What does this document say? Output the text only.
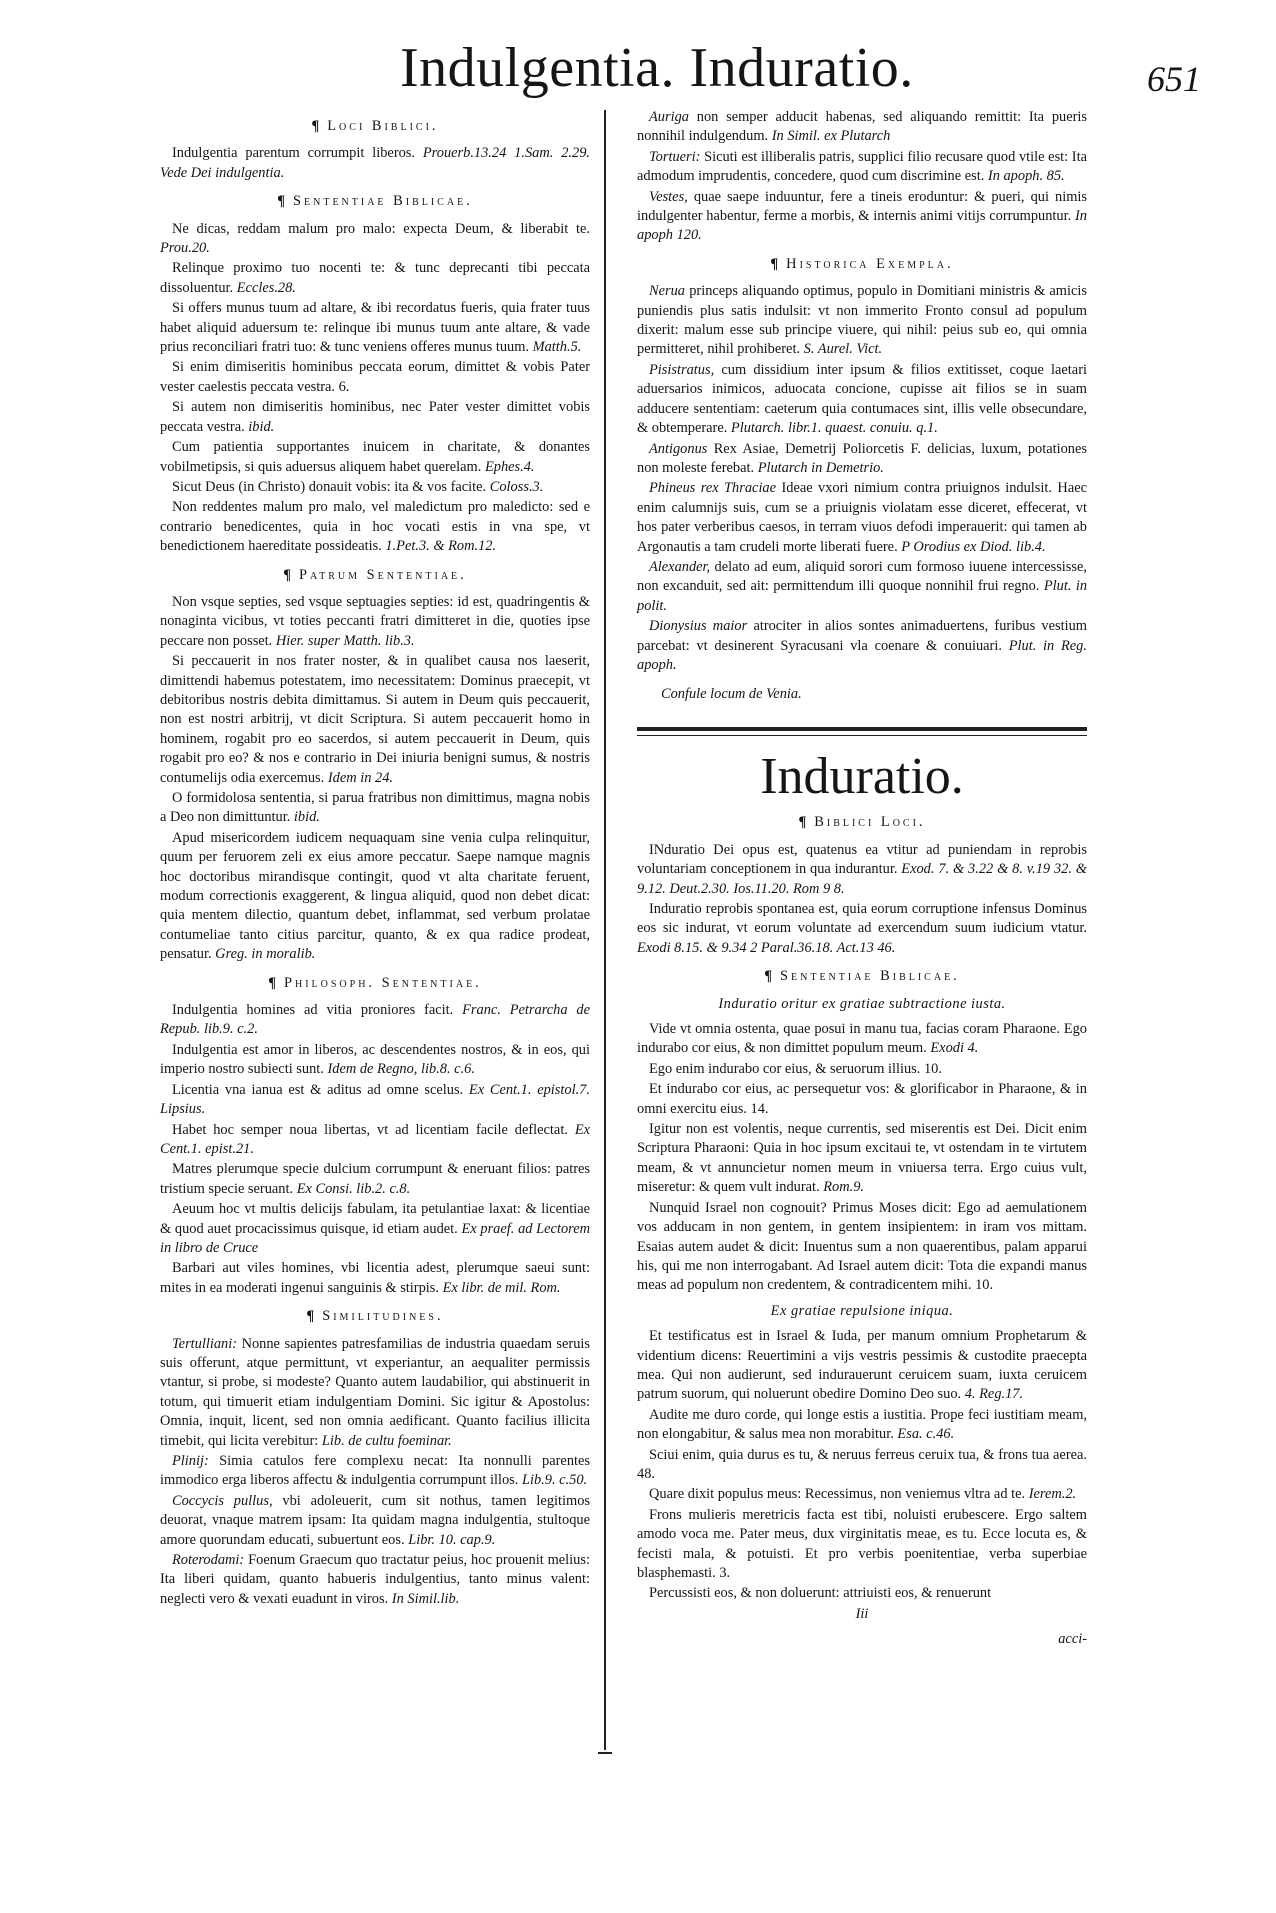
Indulgentia. Induratio.	651
¶ Loci Biblici.

Indulgentia parentum corrumpit liberos. Prouerb.13.24 1.Sam. 2.29. Vede Dei indulgentia.

¶ Sententiae Biblicae.

Ne dicas, reddam malum pro malo: expecta Deum, & liberabit te. Prou.20.

Relinque proximo tuo nocenti te: & tunc deprecanti tibi peccata dissoluentur. Eccles.28.

Si offers munus tuum ad altare, & ibi recordatus fueris, quia frater tuus habet aliquid aduersum te: relinque ibi munus tuum ante altare, & vade prius reconciliari fratri tuo: & tunc veniens offeres munus tuum. Matth.5.

Si enim dimiseritis hominibus peccata eorum, dimittet & vobis Pater vester caelestis peccata vestra. 6.

Si autem non dimiseritis hominibus, nec Pater vester dimittet vobis peccata vestra. ibid.

Cum patientia supportantes inuicem in charitate, & donantes vobilmetipsis, si quis aduersus aliquem habet querelam. Ephes.4.

Sicut Deus (in Christo) donauit vobis: ita & vos facite. Coloss.3.

Non reddentes malum pro malo, vel maledictum pro maledicto: sed e contrario benedicentes, quia in hoc vocati estis in vna spe, vt benedictionem haereditate possideatis. 1.Pet.3. & Rom.12.

¶ Patrum Sententiae.

Non vsque septies, sed vsque septuagies septies: id est, quadringentis & nonaginta vicibus, vt toties peccanti fratri dimitteret in die, quoties ipse peccare non posset. Hier. super Matth. lib.3.

Si peccauerit in nos frater noster, & in qualibet causa nos laeserit, dimittendi habemus potestatem, imo necessitatem: Dominus praecepit, vt debitoribus nostris debita dimittamus. Si autem in Deum quis peccauerit, non est nostri arbitrij, vt dicit Scriptura. Si autem peccauerit homo in hominem, rogabit pro eo sacerdos, si autem peccauerit in Deum, quis rogabit pro eo? & nos e contrario in Dei iniuria benigni sumus, & nostris contumelijs odia exercemus. Idem in 24.

O formidolosa sententia, si parua fratribus non dimittimus, magna nobis a Deo non dimittuntur. ibid.

Apud misericordem iudicem nequaquam sine venia culpa relinquitur, quum per feruorem zeli ex eius amore peccatur. Saepe namque magnis hoc doctoribus mirandisque contingit, quod vt alta charitate feruent, modum correctionis exaggerent, & lingua aliquid, quod non debet dicat: quia mentem dilectio, quantum debet, inflammat, sed verbum prolatae contumeliae tanto citius parcitur, quanto, & ex qua radice prodeat, pensatur. Greg. in moralib.

¶ Philosoph. Sententiae.

Indulgentia homines ad vitia proniores facit. Franc. Petrarcha de Repub. lib.9. c.2.

Indulgentia est amor in liberos, ac descendentes nostros, & in eos, qui imperio nostro subiecti sunt. Idem de Regno, lib.8. c.6.

Licentia vna ianua est & aditus ad omne scelus. Ex Cent.1. epistol.7. Lipsius.

Habet hoc semper noua libertas, vt ad licentiam facile deflectat. Ex Cent.1. epist.21.

Matres plerumque specie dulcium corrumpunt & eneruant filios: patres tristium specie seruant. Ex Consi. lib.2. c.8.

Aeuum hoc vt multis delicijs fabulam, ita petulantiae laxat: & licentiae & quod auet procacissimus quisque, id etiam audet. Ex praef. ad Lectorem in libro de Cruce

Barbari aut viles homines, vbi licentia adest, plerumque saeui sunt: mites in ea moderati ingenui sanguinis & stirpis. Ex libr. de mil. Rom.

¶ Similitudines.

Tertulliani: Nonne sapientes patresfamilias de industria quaedam seruis suis offerunt, atque permittunt, vt experiantur, an aequaliter permissis vtantur, si probe, si modeste? Quanto autem laudabilior, qui abstinuerit in totum, qui timuerit etiam indulgentiam Domini. Sic igitur & Apostolus: Omnia, inquit, licent, sed non omnia aedificant. Quanto facilius illicita timebit, qui licita verebitur: Lib. de cultu foeminar.

Plinij: Simia catulos fere complexu necat: Ita nonnulli parentes immodico erga liberos affectu & indulgentia corrumpunt illos. Lib.9. c.50.

Coccycis pullus, vbi adoleuerit, cum sit nothus, tamen legitimos deuorat, vnaque matrem ipsam: Ita quidam magna indulgentia, stultoque amore quorundam educati, subuertunt eos. Libr. 10. cap.9.

Roterodami: Foenum Graecum quo tractatur peius, hoc prouenit melius: Ita liberi quidam, quanto habueris indulgentius, tanto minus valent: neglecti vero & vexati euadunt in viros. In Simil.lib.

Auriga non semper adducit habenas, sed aliquando remittit: Ita pueris nonnihil indulgendum. In Simil. ex Plutarch

Tortueri: Sicuti est illiberalis patris, supplici filio recusare quod vtile est: Ita admodum imprudentis, concedere, quod cum discrimine est. In apoph. 85.

Vestes, quae saepe induuntur, fere a tineis eroduntur: & pueri, qui nimis indulgenter habentur, ferme a morbis, & internis animi vitijs corrumpuntur. In apoph 120.

¶ Historica Exempla.

Nerua princeps aliquando optimus, populo in Domitiani ministris & amicis puniendis plus satis indulsit: vt non immerito Fronto consul ad populum dixerit: malum esse sub principe viuere, qui nihil: peius sub eo, qui omnia permitteret, nihil prohiberet. S. Aurel. Vict.

Pisistratus, cum dissidium inter ipsum & filios extitisset, coque laetari aduersarios inimicos, aduocata concione, cupisse ait filios se in suam adducere sententiam: caeterum quia contumaces sint, illis velle obsecundare, & obtemperare. Plutarch. libr.1. quaest. conuiu. q.1.

Antigonus Rex Asiae, Demetrij Poliorcetis F. delicias, luxum, potationes non moleste ferebat. Plutarch in Demetrio.

Phineus rex Thraciae Ideae vxori nimium contra priuignos indulsit. Haec enim calumnijs suis, cum se a priuignis violatam esse diceret, effecerat, vt hos pater verberibus caesos, in terram viuos defodi imperauerit: qui tamen ab Argonautis a tam crudeli morte liberati fuere. P Orodius ex Diod. lib.4.

Alexander, delato ad eum, aliquid sorori cum formoso iuuene intercessisse, non excanduit, sed ait: permittendum illi quoque nonnihil frui regno. Plut. in polit.

Dionysius maior atrociter in alios sontes animaduertens, furibus vestium parcebat: vt desinerent Syracusani vla coenare & conuiuari. Plut. in Reg. apoph.

Confule locum de Venia.

Induratio.
¶ Biblici Loci.

INduratio Dei opus est, quatenus ea vtitur ad puniendam in reprobis voluntariam conceptionem in qua indurantur. Exod. 7. & 3.22 & 8. v.19 32. & 9.12. Deut.2.30. Ios.11.20. Rom 9 8.

Induratio reprobis spontanea est, quia eorum corruptione infensus Dominus eos sic indurat, vt eorum voluntate ad exercendum suum iudicium vtatur. Exodi 8.15. & 9.34 2 Paral.36.18. Act.13 46.

¶ Sententiae Biblicae.
Induratio oritur ex gratiae subtractione iusta.

Vide vt omnia ostenta, quae posui in manu tua, facias coram Pharaone. Ego indurabo cor eius, & non dimittet populum meum. Exodi 4.

Ego enim indurabo cor eius, & seruorum illius. 10.

Et indurabo cor eius, ac persequetur vos: & glorificabor in Pharaone, & in omni exercitu eius. 14.

Igitur non est volentis, neque currentis, sed miserentis est Dei. Dicit enim Scriptura Pharaoni: Quia in hoc ipsum excitaui te, vt ostendam in te virtutem meam, & vt annuncietur nomen meum in vniuersa terra. Ergo cuius vult, miseretur: & quem vult indurat. Rom.9.

Nunquid Israel non cognouit? Primus Moses dicit: Ego ad aemulationem vos adducam in non gentem, in gentem insipientem: in iram vos mittam. Esaias autem audet & dicit: Inuentus sum a non quaerentibus, palam apparui his, qui me non interrogabant. Ad Israel autem dicit: Tota die expandi manus meas ad populum non credentem, & contradicentem mihi. 10.

Ex gratiae repulsione iniqua.

Et testificatus est in Israel & Iuda, per manum omnium Prophetarum & videntium dicens: Reuertimini a vijs vestris pessimis & custodite praecepta mea. Qui non audierunt, sed indurauerunt ceruicem suam, iuxta ceruicem patrum suorum, qui noluerunt obedire Domino Deo suo. 4. Reg.17.

Audite me duro corde, qui longe estis a iustitia. Prope feci iustitiam meam, non elongabitur, & salus mea non morabitur. Esa. c.46.

Sciui enim, quia durus es tu, & neruus ferreus ceruix tua, & frons tua aerea. 48.

Quare dixit populus meus: Recessimus, non veniemus vltra ad te. Ierem.2.

Frons mulieris meretricis facta est tibi, noluisti erubescere. Ergo saltem amodo voca me. Pater meus, dux virginitatis meae, es tu. Ecce locuta es, & fecisti mala, & potuisti. Et pro verbis poenitentiae, verba superbiae blasphemasti. 3.

Percussisti eos, & non doluerunt: attriuisti eos, & renuerunt

Iii
acci-
